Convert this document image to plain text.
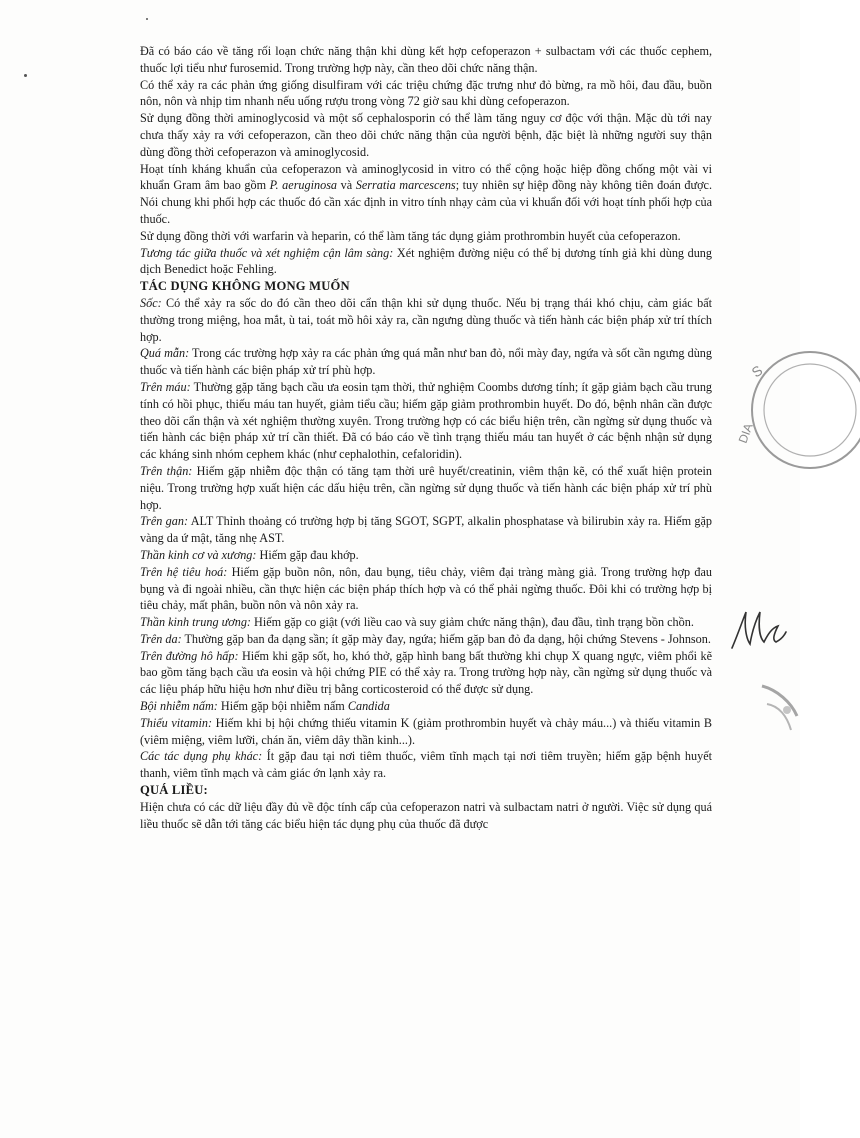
Đã có báo cáo về tăng rối loạn chức năng thận khi dùng kết hợp cefoperazon + sulbactam với các thuốc cephem, thuốc lợi tiểu như furosemid. Trong trường hợp này, cần theo dõi chức năng thận.

Có thể xảy ra các phản ứng giống disulfiram với các triệu chứng đặc trưng như đỏ bừng, ra mồ hôi, đau đầu, buồn nôn, nôn và nhịp tim nhanh nếu uống rượu trong vòng 72 giờ sau khi dùng cefoperazon.

Sử dụng đồng thời aminoglycosid và một số cephalosporin có thể làm tăng nguy cơ độc với thận. Mặc dù tới nay chưa thấy xảy ra với cefoperazon, cần theo dõi chức năng thận của người bệnh, đặc biệt là những người suy thận dùng đồng thời cefoperazon và aminoglycosid.

Hoạt tính kháng khuẩn của cefoperazon và aminoglycosid in vitro có thể cộng hoặc hiệp đồng chống một vài vi khuẩn Gram âm bao gồm P. aeruginosa và Serratia marcescens; tuy nhiên sự hiệp đồng này không tiên đoán được. Nói chung khi phối hợp các thuốc đó cần xác định in vitro tính nhạy cảm của vi khuẩn đối với hoạt tính phối hợp của thuốc.

Sử dụng đồng thời với warfarin và heparin, có thể làm tăng tác dụng giảm prothrombin huyết của cefoperazon.

Tương tác giữa thuốc và xét nghiệm cận lâm sàng: Xét nghiệm đường niệu có thể bị dương tính giả khi dùng dung dịch Benedict hoặc Fehling.

TÁC DỤNG KHÔNG MONG MUỐN

Sốc: Có thể xảy ra sốc do đó cần theo dõi cẩn thận khi sử dụng thuốc. Nếu bị trạng thái khó chịu, cảm giác bất thường trong miệng, hoa mắt, ù tai, toát mồ hôi xảy ra, cần ngưng dùng thuốc và tiến hành các biện pháp xử trí thích hợp.

Quá mẫn: Trong các trường hợp xảy ra các phản ứng quá mẫn như ban đỏ, nổi mày đay, ngứa và sốt cần ngưng dùng thuốc và tiến hành các biện pháp xử trí phù hợp.

Trên máu: Thường gặp tăng bạch cầu ưa eosin tạm thời, thử nghiệm Coombs dương tính; ít gặp giảm bạch cầu trung tính có hồi phục, thiếu máu tan huyết, giảm tiểu cầu; hiếm gặp giảm prothrombin huyết. Do đó, bệnh nhân cần được theo dõi cẩn thận và xét nghiệm thường xuyên. Trong trường hợp có các biểu hiện trên, cần ngừng sử dụng thuốc và tiến hành các biện pháp xử trí cần thiết. Đã có báo cáo về tình trạng thiếu máu tan huyết ở các bệnh nhận sử dụng các kháng sinh nhóm cephem khác (như cephalothin, cefaloridin).

Trên thận: Hiếm gặp nhiễm độc thận có tăng tạm thời urê huyết/creatinin, viêm thận kẽ, có thể xuất hiện protein niệu. Trong trường hợp xuất hiện các dấu hiệu trên, cần ngừng sử dụng thuốc và tiến hành các biện pháp xử trí phù hợp.

Trên gan: ALT Thỉnh thoảng có trường hợp bị tăng SGOT, SGPT, alkalin phosphatase và bilirubin xảy ra. Hiếm gặp vàng da ứ mật, tăng nhẹ AST.

Thần kinh cơ và xương: Hiếm gặp đau khớp.

Trên hệ tiêu hoá: Hiếm gặp buồn nôn, nôn, đau bụng, tiêu chảy, viêm đại tràng màng giả. Trong trường hợp đau bụng và đi ngoài nhiều, cần thực hiện các biện pháp thích hợp và có thể phải ngừng thuốc. Đôi khi có trường hợp bị tiêu chảy, mất phân, buồn nôn và nôn xảy ra.

Thần kinh trung ương: Hiếm gặp co giật (với liều cao và suy giảm chức năng thận), đau đầu, tình trạng bồn chồn.

Trên da: Thường gặp ban đa dạng sần; ít gặp mày đay, ngứa; hiếm gặp ban đỏ đa dạng, hội chứng Stevens - Johnson.

Trên đường hô hấp: Hiếm khi gặp sốt, ho, khó thở, gặp hình bang bất thường khi chụp X quang ngực, viêm phổi kẽ bao gồm tăng bạch cầu ưa eosin và hội chứng PIE có thể xảy ra. Trong trường hợp này, cần ngừng sử dụng thuốc và các liệu pháp hữu hiệu hơn như điều trị bằng corticosteroid có thể được sử dụng.

Bội nhiễm nấm: Hiếm gặp bội nhiễm nấm Candida

Thiếu vitamin: Hiếm khi bị hội chứng thiếu vitamin K (giảm prothrombin huyết và chảy máu...) và thiếu vitamin B (viêm miệng, viêm lưỡi, chán ăn, viêm dây thần kinh...).

Các tác dụng phụ khác: Ít gặp đau tại nơi tiêm thuốc, viêm tĩnh mạch tại nơi tiêm truyền; hiếm gặp bệnh huyết thanh, viêm tĩnh mạch và cảm giác ớn lạnh xảy ra.

QUÁ LIỀU:

Hiện chưa có các dữ liệu đầy đủ về độc tính cấp của cefoperazon natri và sulbactam natri ở người. Việc sử dụng quá liều thuốc sẽ dẫn tới tăng các biểu hiện tác dụng phụ của thuốc đã được

S
DIA
